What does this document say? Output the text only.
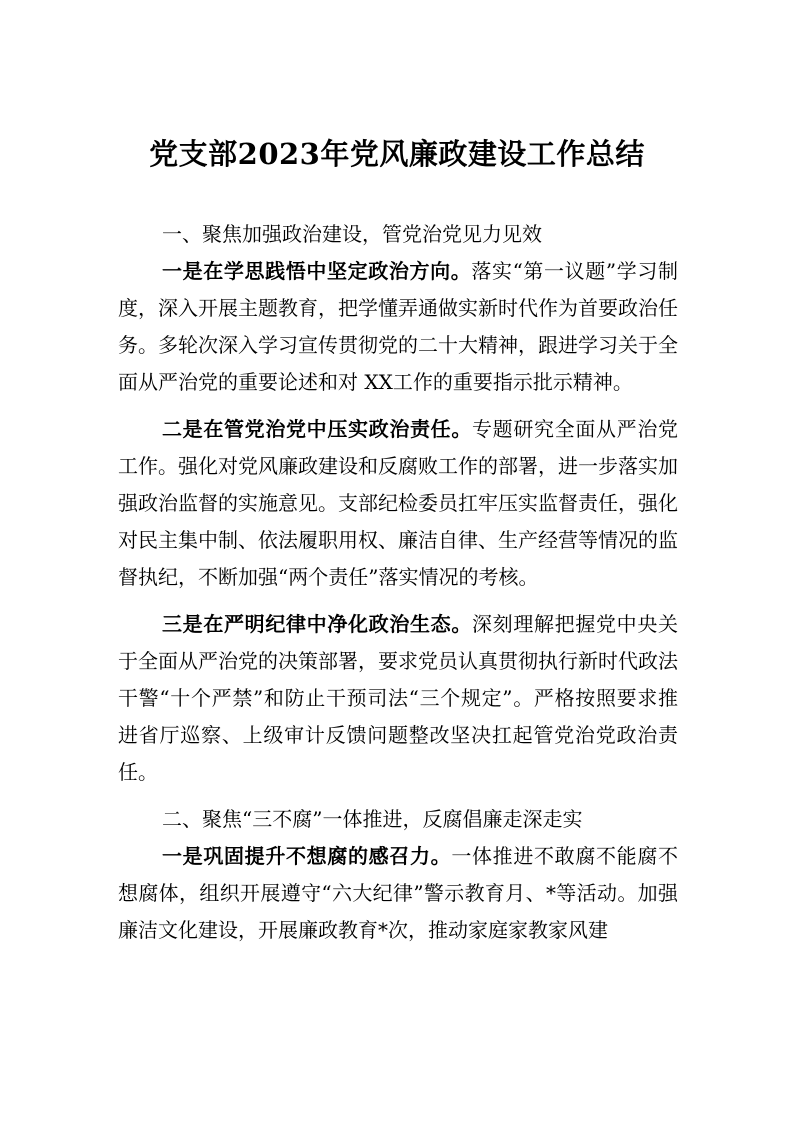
党支部2023年党风廉政建设工作总结

一、聚焦加强政治建设，管党治党见力见效

一是在学思践悟中坚定政治方向。落实“第一议题”学习制度，深入开展主题教育，把学懂弄通做实新时代作为首要政治任务。多轮次深入学习宣传贯彻党的二十大精神，跟进学习关于全面从严治党的重要论述和对 XX工作的重要指示批示精神。

二是在管党治党中压实政治责任。专题研究全面从严治党工作。强化对党风廉政建设和反腐败工作的部署，进一步落实加强政治监督的实施意见。支部纪检委员扛牢压实监督责任，强化对民主集中制、依法履职用权、廉洁自律、生产经营等情况的监督执纪，不断加强“两个责任”落实情况的考核。

三是在严明纪律中净化政治生态。深刻理解把握党中央关于全面从严治党的决策部署，要求党员认真贯彻执行新时代政法干警“十个严禁”和防止干预司法“三个规定”。严格按照要求推进省厅巡察、上级审计反馈问题整改坚决扛起管党治党政治责任。

二、聚焦“三不腐”一体推进，反腐倡廉走深走实

一是巩固提升不想腐的感召力。一体推进不敢腐不能腐不想腐体，组织开展遵守“六大纪律”警示教育月、*等活动。加强廉洁文化建设，开展廉政教育*次，推动家庭家教家风建
